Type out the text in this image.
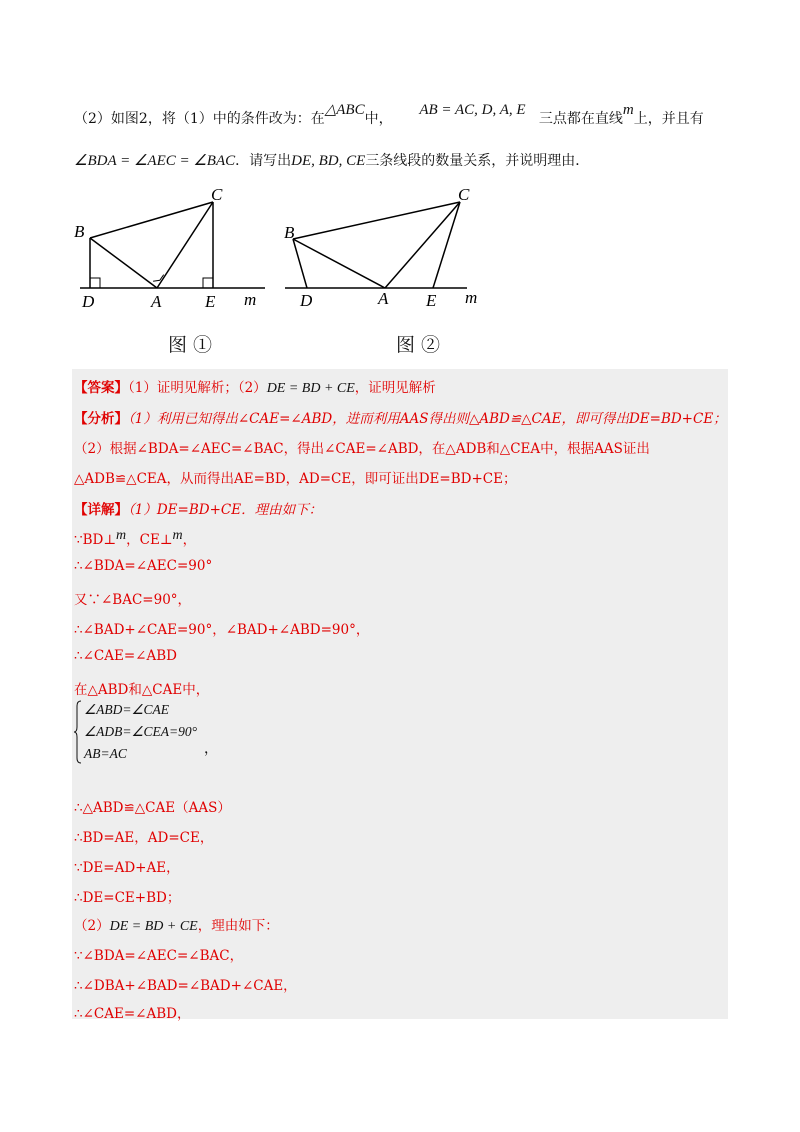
（2）如图2，将（1）中的条件改为：在△ABC中，      AB = AC, D, A, E   三点都在直线m上，并且有
∠BDA = ∠AEC = ∠BAC．请写出DE, BD, CE三条线段的数量关系，并说明理由．
B
C
D	A	E m
图 ①
B
C
D	A E m
图 ②
【答案】（1）证明见解析；（2）DE = BD + CE，证明见解析
【分析】（1）利用已知得出∠CAE=∠ABD，进而利用AAS得出则△ABD≌△CAE，即可得出DE=BD+CE；
（2）根据∠BDA=∠AEC=∠BAC，得出∠CAE=∠ABD，在△ADB和△CEA中，根据AAS证出
△ADB≌△CEA，从而得出AE=BD，AD=CE，即可证出DE=BD+CE；
【详解】（1）DE=BD+CE．理由如下：
∵BD⊥m，CE⊥m，
∴∠BDA=∠AEC=90°
又∵∠BAC=90°，
∴∠BAD+∠CAE=90°，∠BAD+∠ABD=90°，
∴∠CAE=∠ABD
在△ABD和△CAE中，
∠ABD=∠CAE
∠ADB=∠CEA=90°
AB=AC	，
∴△ABD≌△CAE（AAS）
∴BD=AE，AD=CE，
∵DE=AD+AE，
∴DE=CE+BD；
（2）DE = BD + CE，理由如下：
∵∠BDA=∠AEC=∠BAC，
∴∠DBA+∠BAD=∠BAD+∠CAE，
∴∠CAE=∠ABD，
